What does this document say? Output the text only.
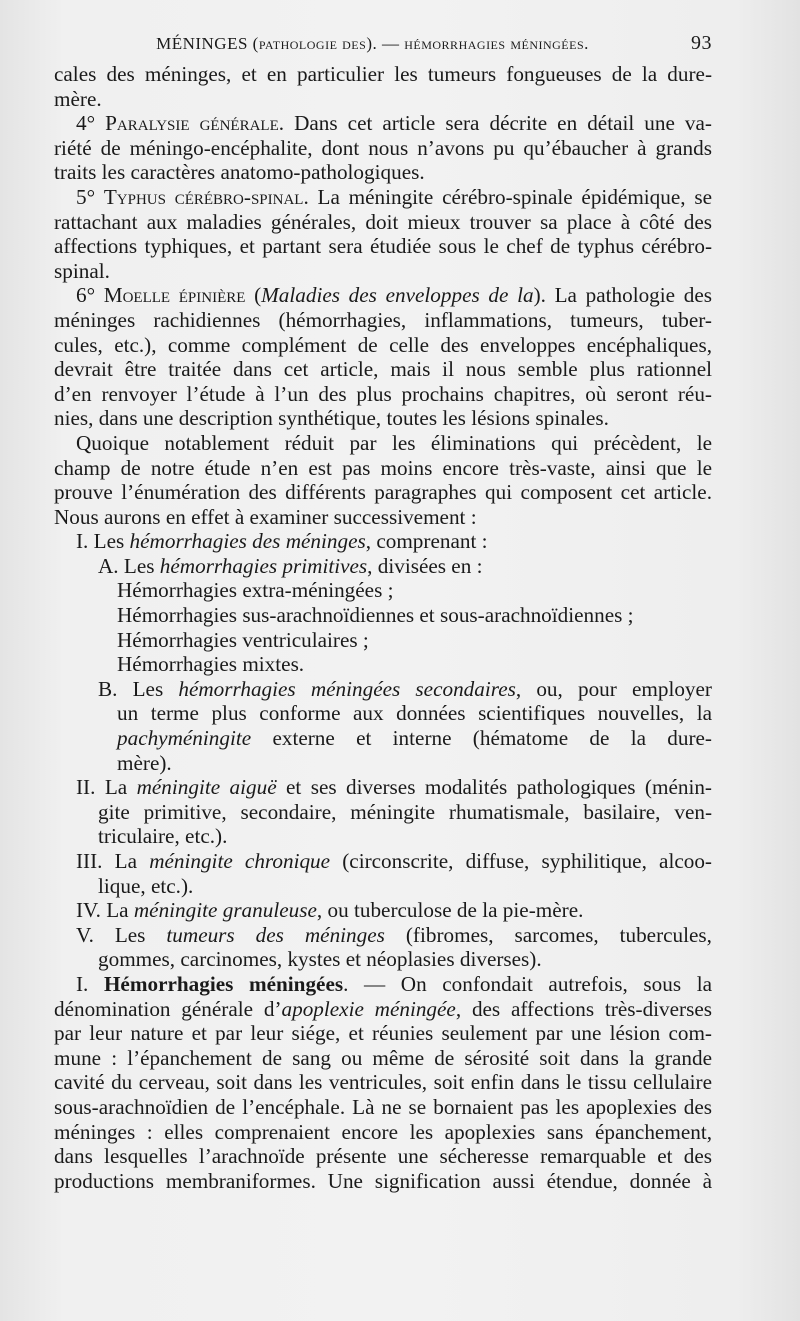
MÉNINGES (pathologie des). — hémorrhagies méningées.	93
cales des méninges, et en particulier les tumeurs fongueuses de la dure-
mère.
4° Paralysie générale. Dans cet article sera décrite en détail une va-
riété de méningo-encéphalite, dont nous n’avons pu qu’ébaucher à grands
traits les caractères anatomo-pathologiques.
5° Typhus cérébro-spinal. La méningite cérébro-spinale épidémique, se
rattachant aux maladies générales, doit mieux trouver sa place à côté des
affections typhiques, et partant sera étudiée sous le chef de typhus cérébro-
spinal.
6° Moelle épinière (Maladies des enveloppes de la). La pathologie des
méninges rachidiennes (hémorrhagies, inflammations, tumeurs, tuber-
cules, etc.), comme complément de celle des enveloppes encéphaliques,
devrait être traitée dans cet article, mais il nous semble plus rationnel
d’en renvoyer l’étude à l’un des plus prochains chapitres, où seront réu-
nies, dans une description synthétique, toutes les lésions spinales.
Quoique notablement réduit par les éliminations qui précèdent, le
champ de notre étude n’en est pas moins encore très-vaste, ainsi que le
prouve l’énumération des différents paragraphes qui composent cet article.
Nous aurons en effet à examiner successivement :
I. Les hémorrhagies des méninges, comprenant :
A. Les hémorrhagies primitives, divisées en :
Hémorrhagies extra-méningées ;
Hémorrhagies sus-arachnoïdiennes et sous-arachnoïdiennes ;
Hémorrhagies ventriculaires ;
Hémorrhagies mixtes.
B. Les hémorrhagies méningées secondaires, ou, pour employer
un terme plus conforme aux données scientifiques nouvelles, la
pachyméningite externe et interne (hématome de la dure-
mère).
II. La méningite aiguë et ses diverses modalités pathologiques (ménin-
gite primitive, secondaire, méningite rhumatismale, basilaire, ven-
triculaire, etc.).
III. La méningite chronique (circonscrite, diffuse, syphilitique, alcoo-
lique, etc.).
IV. La méningite granuleuse, ou tuberculose de la pie-mère.
V. Les tumeurs des méninges (fibromes, sarcomes, tubercules,
gommes, carcinomes, kystes et néoplasies diverses).
I. Hémorrhagies méningées. — On confondait autrefois, sous la
dénomination générale d’apoplexie méningée, des affections très-diverses
par leur nature et par leur siége, et réunies seulement par une lésion com-
mune : l’épanchement de sang ou même de sérosité soit dans la grande
cavité du cerveau, soit dans les ventricules, soit enfin dans le tissu cellulaire
sous-arachnoïdien de l’encéphale. Là ne se bornaient pas les apoplexies des
méninges : elles comprenaient encore les apoplexies sans épanchement,
dans lesquelles l’arachnoïde présente une sécheresse remarquable et des
productions membraniformes. Une signification aussi étendue, donnée à
